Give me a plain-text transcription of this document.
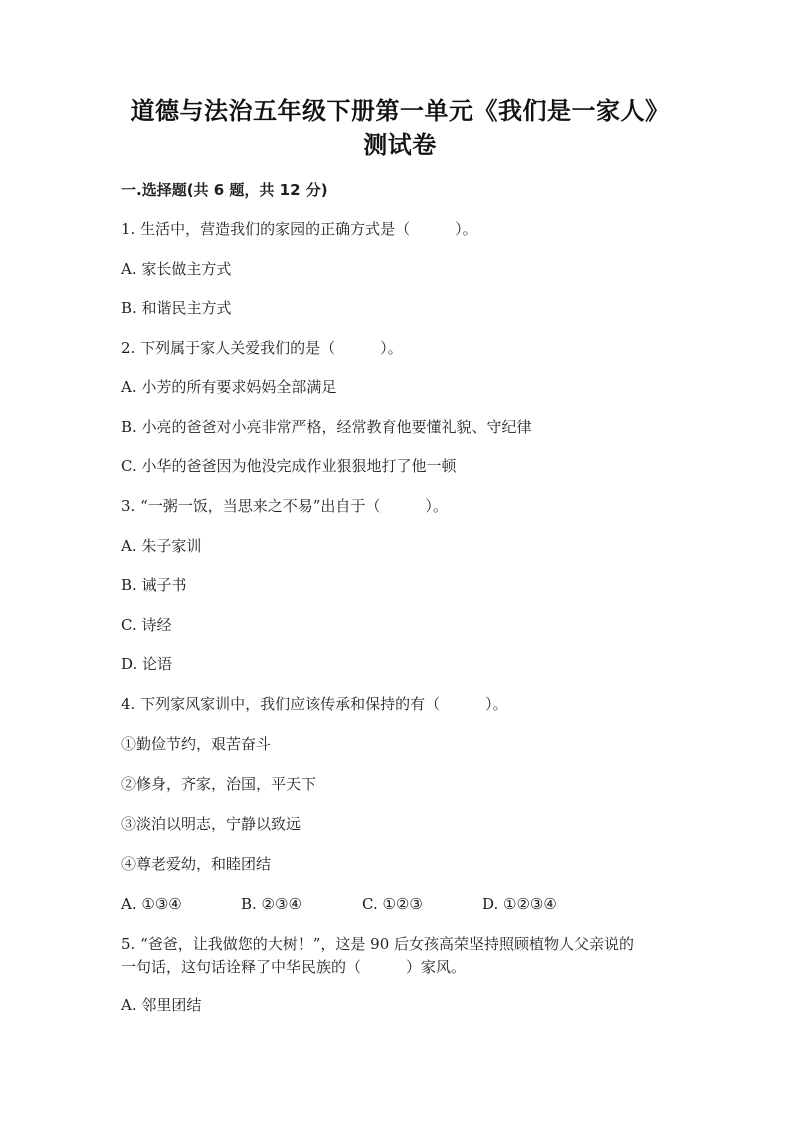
道德与法治五年级下册第一单元《我们是一家人》
测试卷
一.选择题(共 6 题，共 12 分)
1. 生活中，营造我们的家园的正确方式是（　　　）。
A. 家长做主方式
B. 和谐民主方式
2. 下列属于家人关爱我们的是（　　　）。
A. 小芳的所有要求妈妈全部满足
B. 小亮的爸爸对小亮非常严格，经常教育他要懂礼貌、守纪律
C. 小华的爸爸因为他没完成作业狠狠地打了他一顿
3. “一粥一饭，当思来之不易”出自于（　　　）。
A. 朱子家训
B. 诫子书
C. 诗经
D. 论语
4. 下列家风家训中，我们应该传承和保持的有（　　　）。
①勤俭节约，艰苦奋斗
②修身，齐家，治国，平天下
③淡泊以明志，宁静以致远
④尊老爱幼，和睦团结
A. ①③④	B. ②③④	C. ①②③	D. ①②③④
5. “爸爸，让我做您的大树！”，这是 90 后女孩高荣坚持照顾植物人父亲说的
一句话，这句话诠释了中华民族的（　　　）家风。
A. 邻里团结
